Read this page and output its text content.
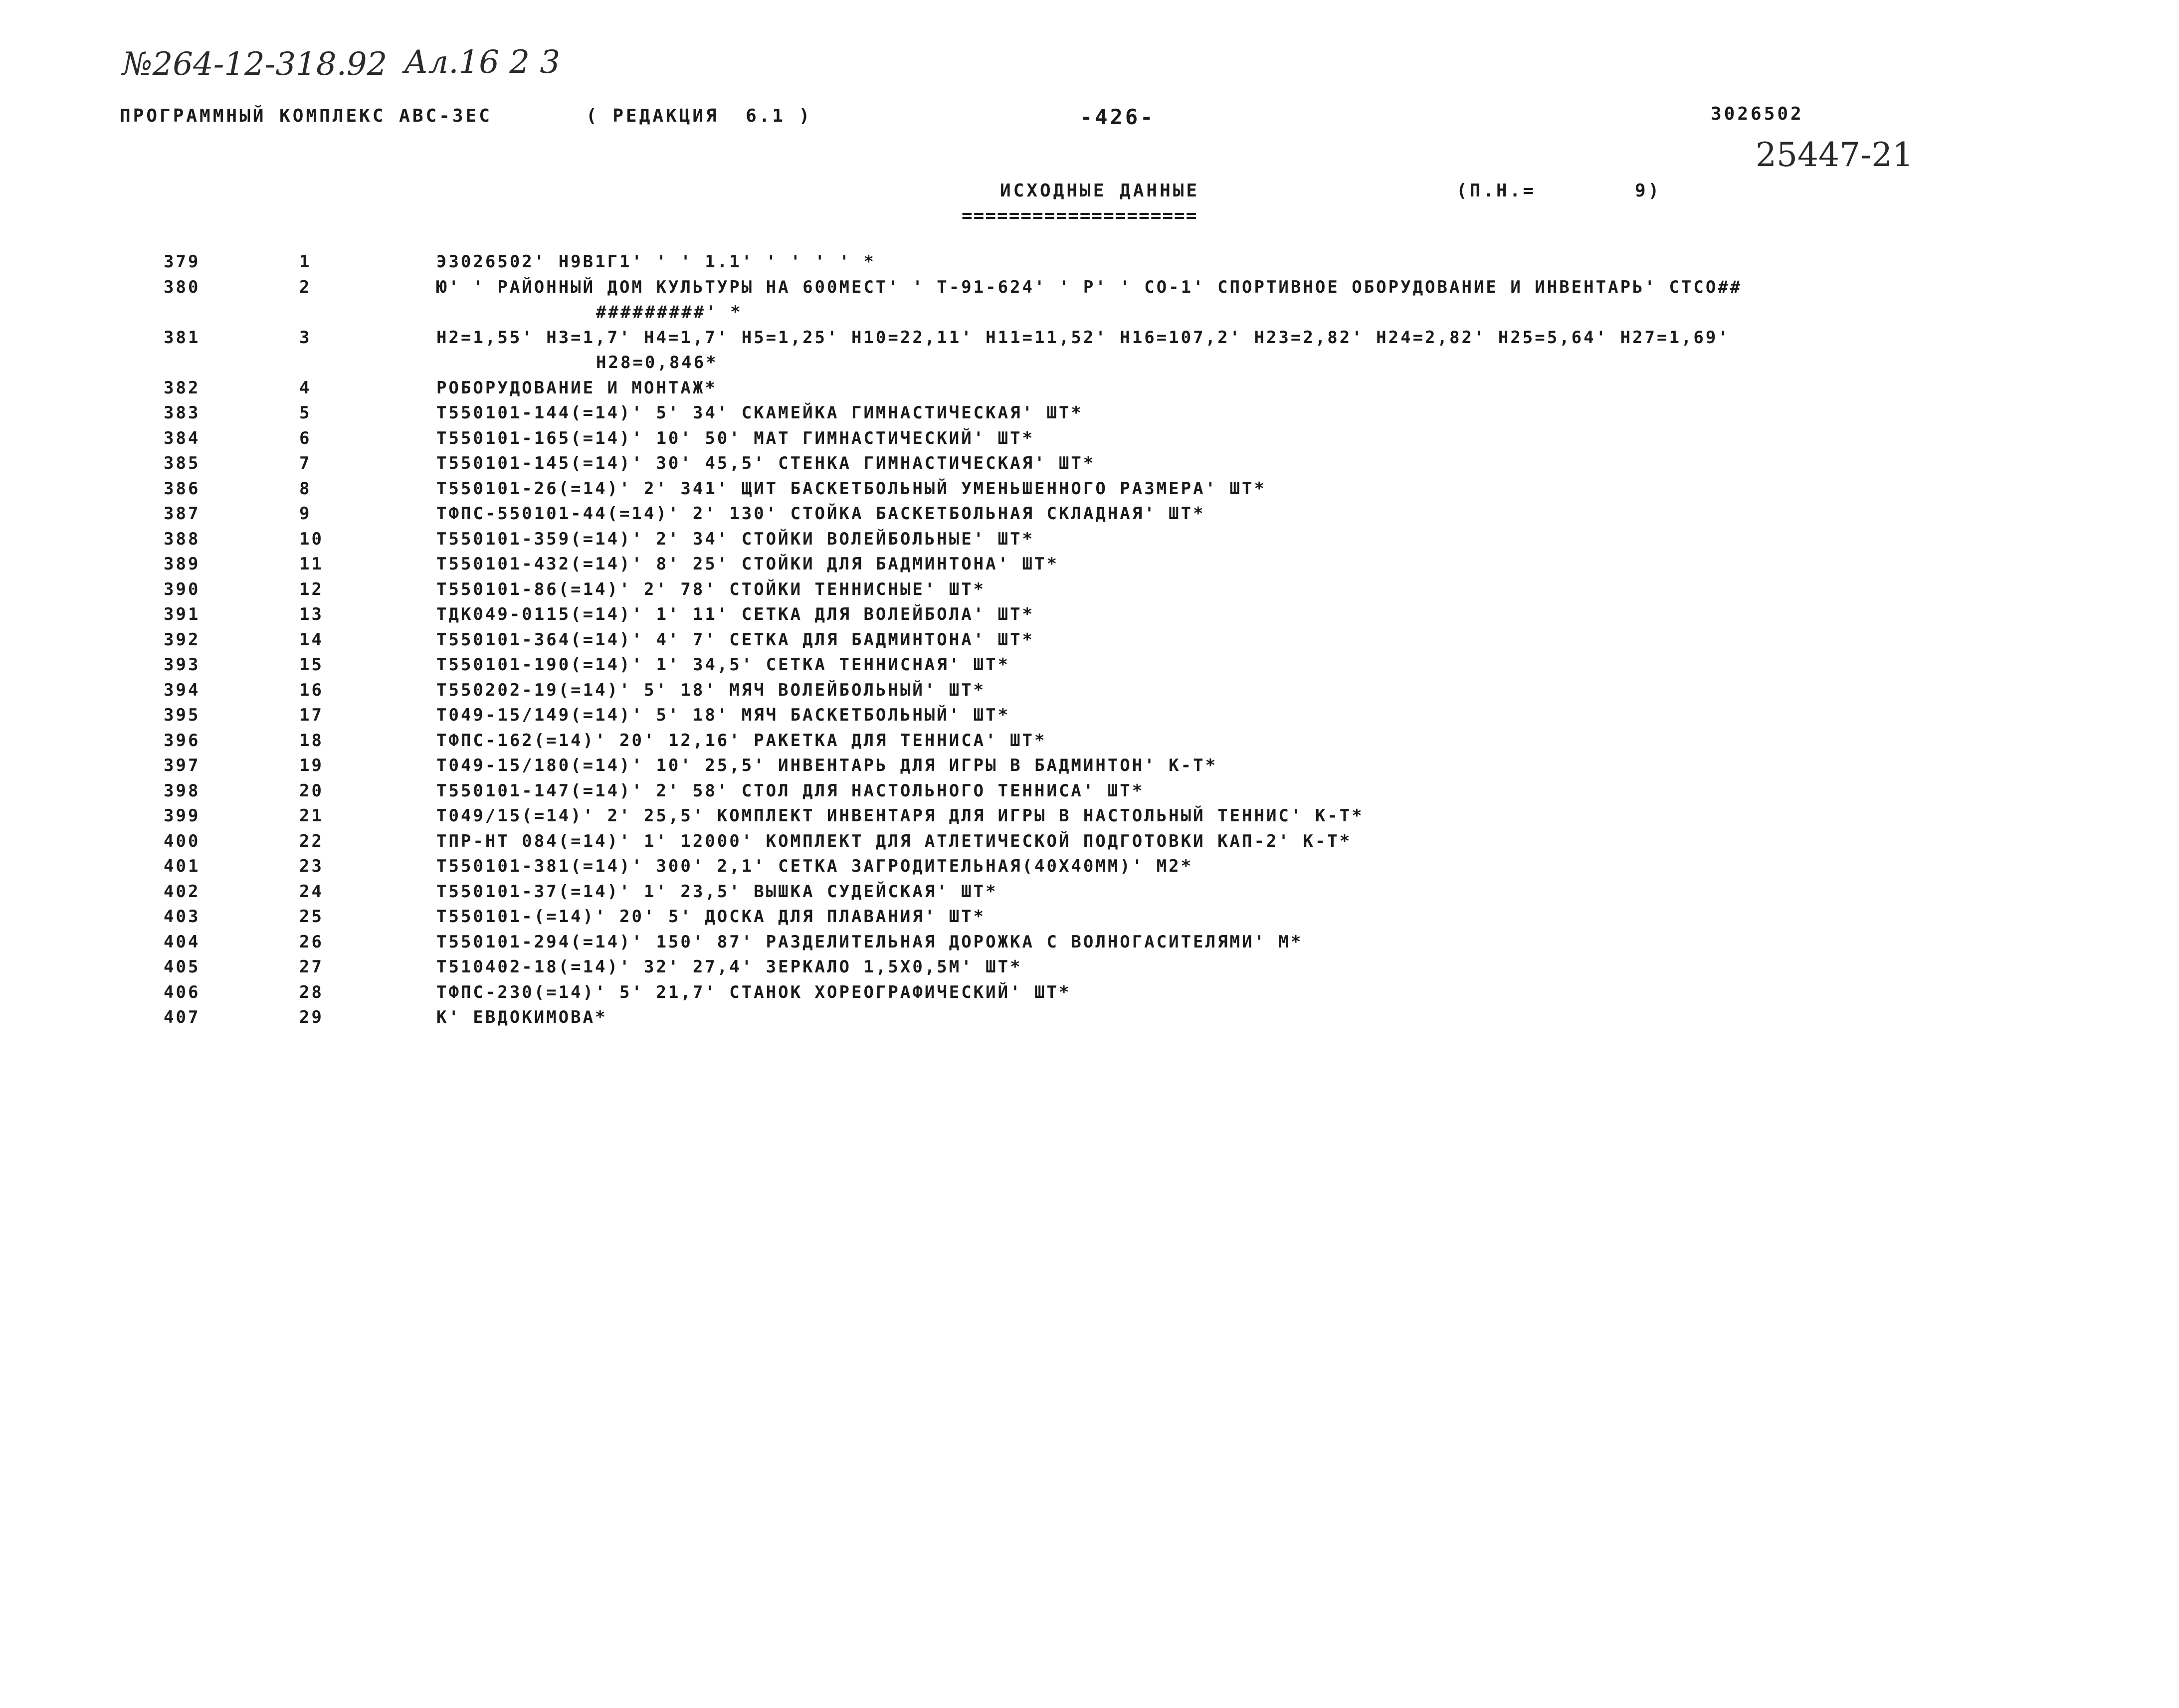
№264-12-318.92 Ал.16 2 3
25447-21
ПРОГРАММНЫЙ КОМПЛЕКС АВС-3ЕС	( РЕДАКЦИЯ  6.1 )	-426-	3026502
ИСХОДНЫЕ ДАННЫЕ
====================
(П.Н.=	9)
379	1	Э3026502' Н9В1Г1' ' ' 1.1' ' ' ' ' *
380	2	Ю' ' РАЙОННЫЙ ДОМ КУЛЬТУРЫ НА 600МЕСТ' ' Т-91-624' ' Р' ' СО-1' СПОРТИВНОЕ ОБОРУДОВАНИЕ И ИНВЕНТАРЬ' СТСО##
#########' *
381	3	Н2=1,55' Н3=1,7' Н4=1,7' Н5=1,25' Н10=22,11' Н11=11,52' Н16=107,2' Н23=2,82' Н24=2,82' Н25=5,64' Н27=1,69'
Н28=0,846*
382	4	РОБОРУДОВАНИЕ И МОНТАЖ*
383	5	Т550101-144(=14)' 5' 34' СКАМЕЙКА ГИМНАСТИЧЕСКАЯ' ШТ*
384	6	Т550101-165(=14)' 10' 50' МАТ ГИМНАСТИЧЕСКИЙ' ШТ*
385	7	Т550101-145(=14)' 30' 45,5' СТЕНКА ГИМНАСТИЧЕСКАЯ' ШТ*
386	8	Т550101-26(=14)' 2' 341' ЩИТ БАСКЕТБОЛЬНЫЙ УМЕНЬШЕННОГО РАЗМЕРА' ШТ*
387	9	ТФПС-550101-44(=14)' 2' 130' СТОЙКА БАСКЕТБОЛЬНАЯ СКЛАДНАЯ' ШТ*
388	10	Т550101-359(=14)' 2' 34' СТОЙКИ ВОЛЕЙБОЛЬНЫЕ' ШТ*
389	11	Т550101-432(=14)' 8' 25' СТОЙКИ ДЛЯ БАДМИНТОНА' ШТ*
390	12	Т550101-86(=14)' 2' 78' СТОЙКИ ТЕННИСНЫЕ' ШТ*
391	13	ТДК049-0115(=14)' 1' 11' СЕТКА ДЛЯ ВОЛЕЙБОЛА' ШТ*
392	14	Т550101-364(=14)' 4' 7' СЕТКА ДЛЯ БАДМИНТОНА' ШТ*
393	15	Т550101-190(=14)' 1' 34,5' СЕТКА ТЕННИСНАЯ' ШТ*
394	16	Т550202-19(=14)' 5' 18' МЯЧ ВОЛЕЙБОЛЬНЫЙ' ШТ*
395	17	Т049-15/149(=14)' 5' 18' МЯЧ БАСКЕТБОЛЬНЫЙ' ШТ*
396	18	ТФПС-162(=14)' 20' 12,16' РАКЕТКА ДЛЯ ТЕННИСА' ШТ*
397	19	Т049-15/180(=14)' 10' 25,5' ИНВЕНТАРЬ ДЛЯ ИГРЫ В БАДМИНТОН' К-Т*
398	20	Т550101-147(=14)' 2' 58' СТОЛ ДЛЯ НАСТОЛЬНОГО ТЕННИСА' ШТ*
399	21	Т049/15(=14)' 2' 25,5' КОМПЛЕКТ ИНВЕНТАРЯ ДЛЯ ИГРЫ В НАСТОЛЬНЫЙ ТЕННИС' К-Т*
400	22	ТПР-НТ 084(=14)' 1' 12000' КОМПЛЕКТ ДЛЯ АТЛЕТИЧЕСКОЙ ПОДГОТОВКИ КАП-2' К-Т*
401	23	Т550101-381(=14)' 300' 2,1' СЕТКА ЗАГРОДИТЕЛЬНАЯ(40Х40ММ)' М2*
402	24	Т550101-37(=14)' 1' 23,5' ВЫШКА СУДЕЙСКАЯ' ШТ*
403	25	Т550101-(=14)' 20' 5' ДОСКА ДЛЯ ПЛАВАНИЯ' ШТ*
404	26	Т550101-294(=14)' 150' 87' РАЗДЕЛИТЕЛЬНАЯ ДОРОЖКА С ВОЛНОГАСИТЕЛЯМИ' М*
405	27	Т510402-18(=14)' 32' 27,4' ЗЕРКАЛО 1,5Х0,5М' ШТ*
406	28	ТФПС-230(=14)' 5' 21,7' СТАНОК ХОРЕОГРАФИЧЕСКИЙ' ШТ*
407	29	К' ЕВДОКИМОВА*
